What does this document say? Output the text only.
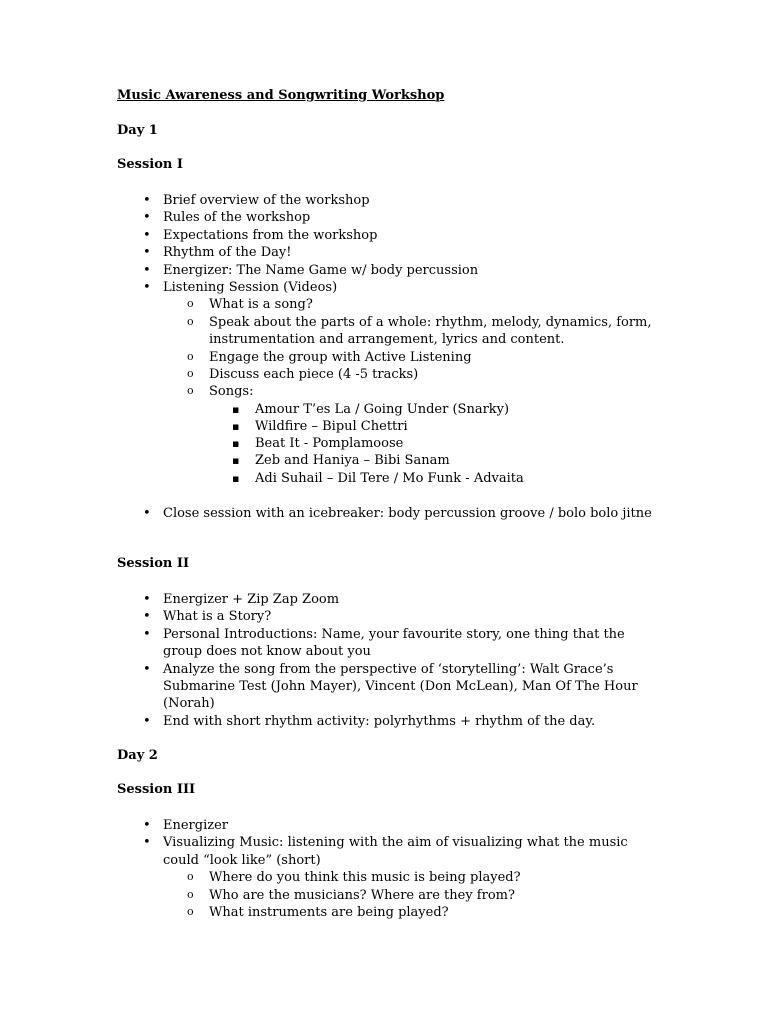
Music Awareness and Songwriting Workshop
Day 1
Session I
• Brief overview of the workshop
• Rules of the workshop
• Expectations from the workshop
• Rhythm of the Day!
• Energizer: The Name Game w/ body percussion
• Listening Session (Videos)
o What is a song?
o Speak about the parts of a whole: rhythm, melody, dynamics, form, instrumentation and arrangement, lyrics and content.
o Engage the group with Active Listening
o Discuss each piece (4 -5 tracks)
o Songs:
▪ Amour T’es La / Going Under (Snarky)
▪ Wildfire – Bipul Chettri
▪ Beat It - Pomplamoose
▪ Zeb and Haniya – Bibi Sanam
▪ Adi Suhail – Dil Tere / Mo Funk - Advaita
• Close session with an icebreaker: body percussion groove / bolo bolo jitne
Session II
• Energizer + Zip Zap Zoom
• What is a Story?
• Personal Introductions: Name, your favourite story, one thing that the group does not know about you
• Analyze the song from the perspective of ‘storytelling’: Walt Grace’s Submarine Test (John Mayer), Vincent (Don McLean), Man Of The Hour (Norah)
• End with short rhythm activity: polyrhythms + rhythm of the day.
Day 2
Session III
• Energizer
• Visualizing Music: listening with the aim of visualizing what the music could “look like” (short)
o Where do you think this music is being played?
o Who are the musicians? Where are they from?
o What instruments are being played?
